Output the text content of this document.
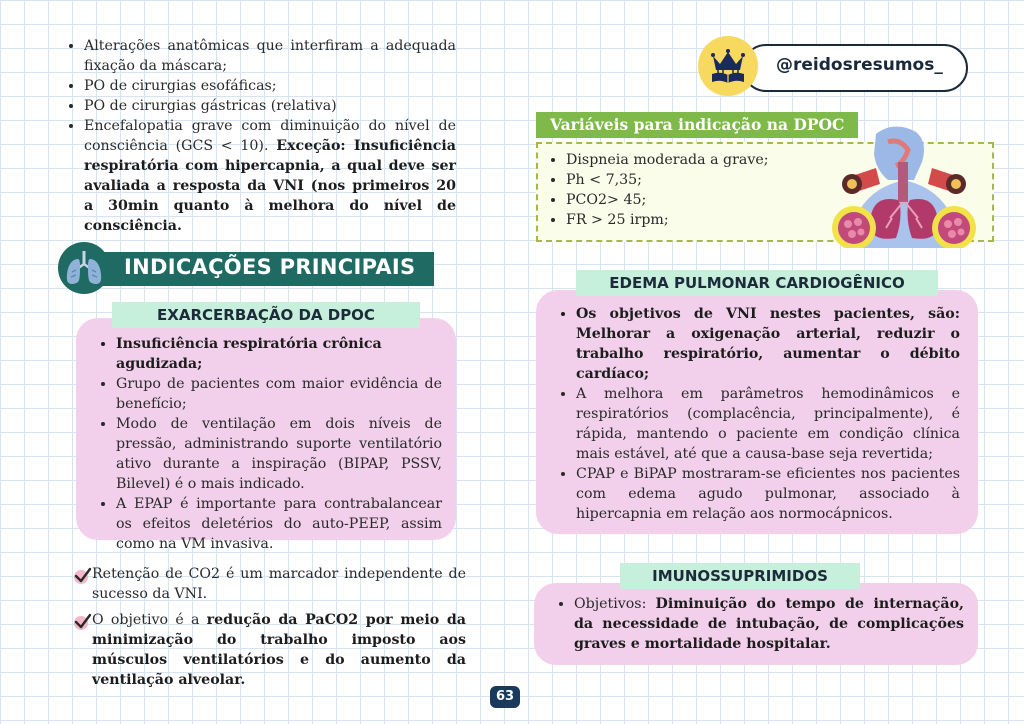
• Alterações anatômicas que interfiram a adequada fixação da máscara;
• PO de cirurgias esofáficas;
• PO de cirurgias gástricas (relativa)
• Encefalopatia grave com diminuição do nível de consciência (GCS < 10). Exceção: Insuficiência respiratória com hipercapnia, a qual deve ser avaliada a resposta da VNI (nos primeiros 20 a 30min quanto à melhora do nível de consciência.
INDICAÇÕES PRINCIPAIS
EXARCERBAÇÃO DA DPOC
• Insuficiência respiratória crônica agudizada;
• Grupo de pacientes com maior evidência de benefício;
• Modo de ventilação em dois níveis de pressão, administrando suporte ventilatório ativo durante a inspiração (BIPAP, PSSV, Bilevel) é o mais indicado.
• A EPAP é importante para contrabalancear os efeitos deletérios do auto-PEEP, assim como na VM invasiva.
Retenção de CO2 é um marcador independente de sucesso da VNI.
O objetivo é a redução da PaCO2 por meio da minimização do trabalho imposto aos músculos ventilatórios e do aumento da ventilação alveolar.
63
@reidosresumos_
Variáveis para indicação na DPOC
• Dispneia moderada a grave;
• Ph < 7,35;
• PCO2> 45;
• FR > 25 irpm;
EDEMA PULMONAR CARDIOGÊNICO
• Os objetivos de VNI nestes pacientes, são: Melhorar a oxigenação arterial, reduzir o trabalho respiratório, aumentar o débito cardíaco;
• A melhora em parâmetros hemodinâmicos e respiratórios (complacência, principalmente), é rápida, mantendo o paciente em condição clínica mais estável, até que a causa-base seja revertida;
• CPAP e BiPAP mostraram-se eficientes nos pacientes com edema agudo pulmonar, associado à hipercapnia em relação aos normocápnicos.
IMUNOSSUPRIMIDOS
• Objetivos: Diminuição do tempo de internação, da necessidade de intubação, de complicações graves e mortalidade hospitalar.
